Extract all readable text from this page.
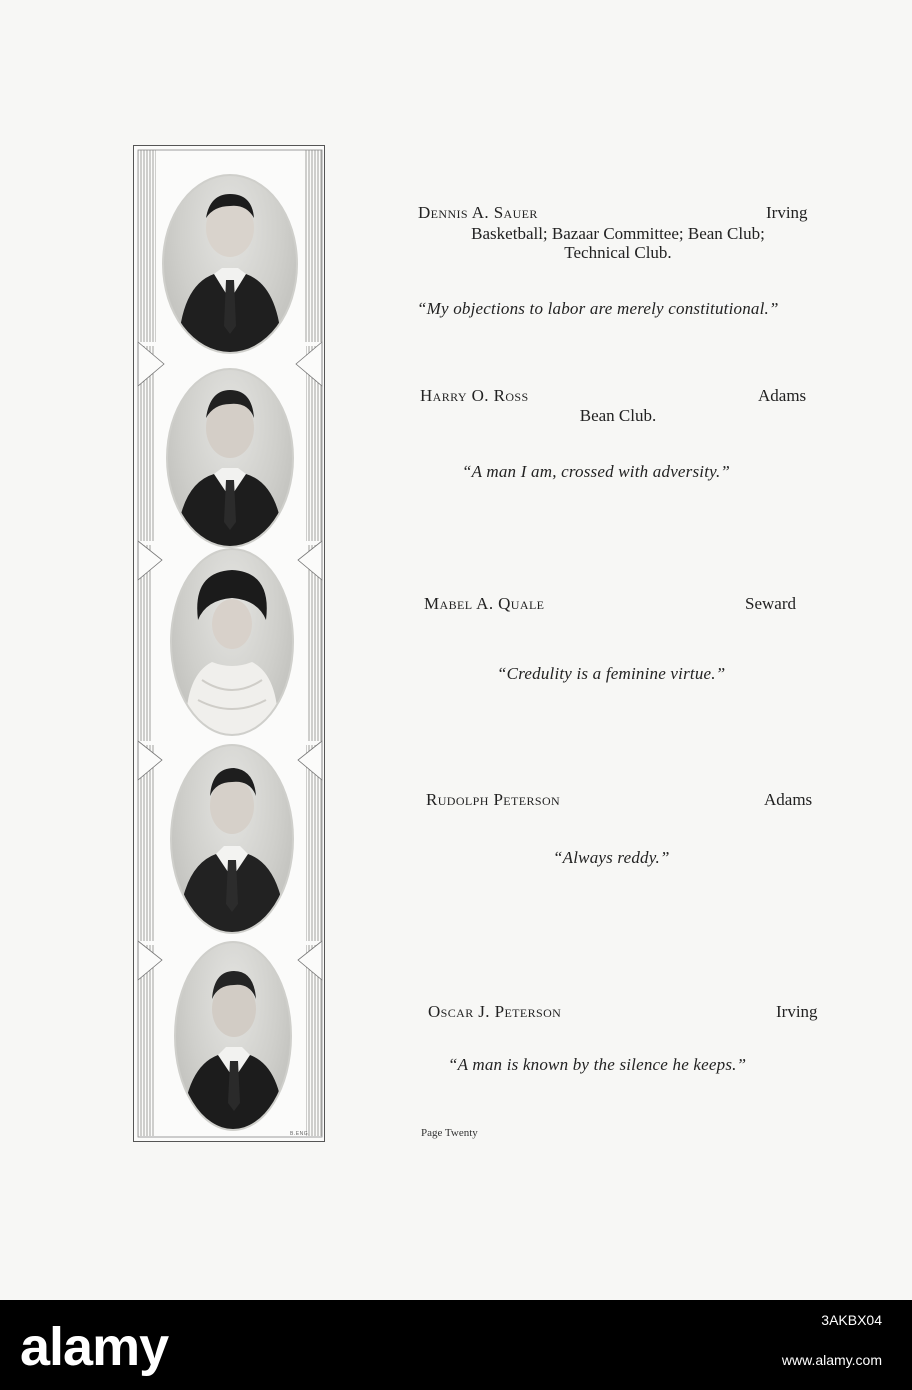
B.ENG.
Dennis A. Sauer	Irving
Basketball; Bazaar Committee; Bean Club;
Technical Club.
“My objections to labor are merely constitutional.”
Harry O. Ross	Adams
Bean Club.
“A man I am, crossed with adversity.”
Mabel A. Quale	Seward
“Credulity is a feminine virtue.”
Rudolph Peterson	Adams
“Always reddy.”
Oscar J. Peterson	Irving
“A man is known by the silence he keeps.”
Page Twenty
alamy	3AKBX04
www.alamy.com
